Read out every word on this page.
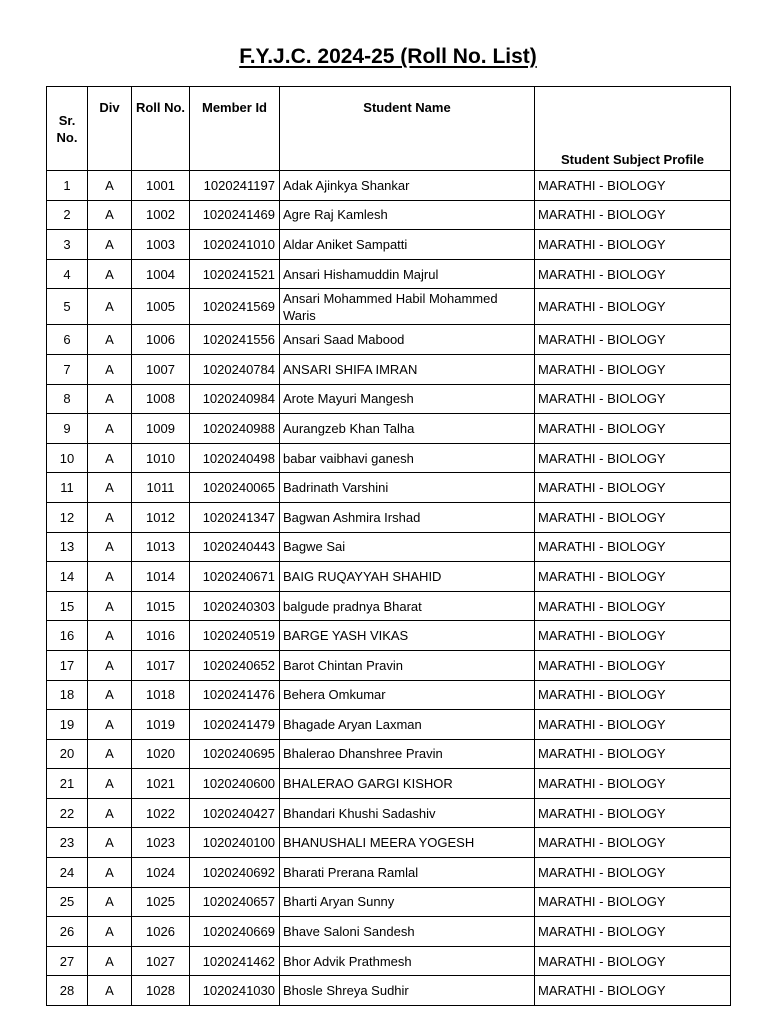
F.Y.J.C. 2024-25 (Roll No. List)
Sr. No.	Div	Roll No.	Member Id	Student Name	Student Subject Profile
1	A	1001	1020241197	Adak Ajinkya Shankar	MARATHI - BIOLOGY
2	A	1002	1020241469	Agre Raj Kamlesh	MARATHI - BIOLOGY
3	A	1003	1020241010	Aldar Aniket Sampatti	MARATHI - BIOLOGY
4	A	1004	1020241521	Ansari Hishamuddin Majrul	MARATHI - BIOLOGY
5	A	1005	1020241569	Ansari Mohammed Habil Mohammed Waris	MARATHI - BIOLOGY
6	A	1006	1020241556	Ansari Saad Mabood	MARATHI - BIOLOGY
7	A	1007	1020240784	ANSARI SHIFA IMRAN	MARATHI - BIOLOGY
8	A	1008	1020240984	Arote Mayuri Mangesh	MARATHI - BIOLOGY
9	A	1009	1020240988	Aurangzeb Khan Talha	MARATHI - BIOLOGY
10	A	1010	1020240498	babar vaibhavi ganesh	MARATHI - BIOLOGY
11	A	1011	1020240065	Badrinath Varshini	MARATHI - BIOLOGY
12	A	1012	1020241347	Bagwan Ashmira Irshad	MARATHI - BIOLOGY
13	A	1013	1020240443	Bagwe Sai	MARATHI - BIOLOGY
14	A	1014	1020240671	BAIG RUQAYYAH SHAHID	MARATHI - BIOLOGY
15	A	1015	1020240303	balgude pradnya Bharat	MARATHI - BIOLOGY
16	A	1016	1020240519	BARGE YASH VIKAS	MARATHI - BIOLOGY
17	A	1017	1020240652	Barot Chintan Pravin	MARATHI - BIOLOGY
18	A	1018	1020241476	Behera Omkumar	MARATHI - BIOLOGY
19	A	1019	1020241479	Bhagade Aryan Laxman	MARATHI - BIOLOGY
20	A	1020	1020240695	Bhalerao Dhanshree Pravin	MARATHI - BIOLOGY
21	A	1021	1020240600	BHALERAO GARGI KISHOR	MARATHI - BIOLOGY
22	A	1022	1020240427	Bhandari Khushi Sadashiv	MARATHI - BIOLOGY
23	A	1023	1020240100	BHANUSHALI MEERA YOGESH	MARATHI - BIOLOGY
24	A	1024	1020240692	Bharati Prerana Ramlal	MARATHI - BIOLOGY
25	A	1025	1020240657	Bharti Aryan Sunny	MARATHI - BIOLOGY
26	A	1026	1020240669	Bhave Saloni Sandesh	MARATHI - BIOLOGY
27	A	1027	1020241462	Bhor Advik Prathmesh	MARATHI - BIOLOGY
28	A	1028	1020241030	Bhosle Shreya Sudhir	MARATHI - BIOLOGY
